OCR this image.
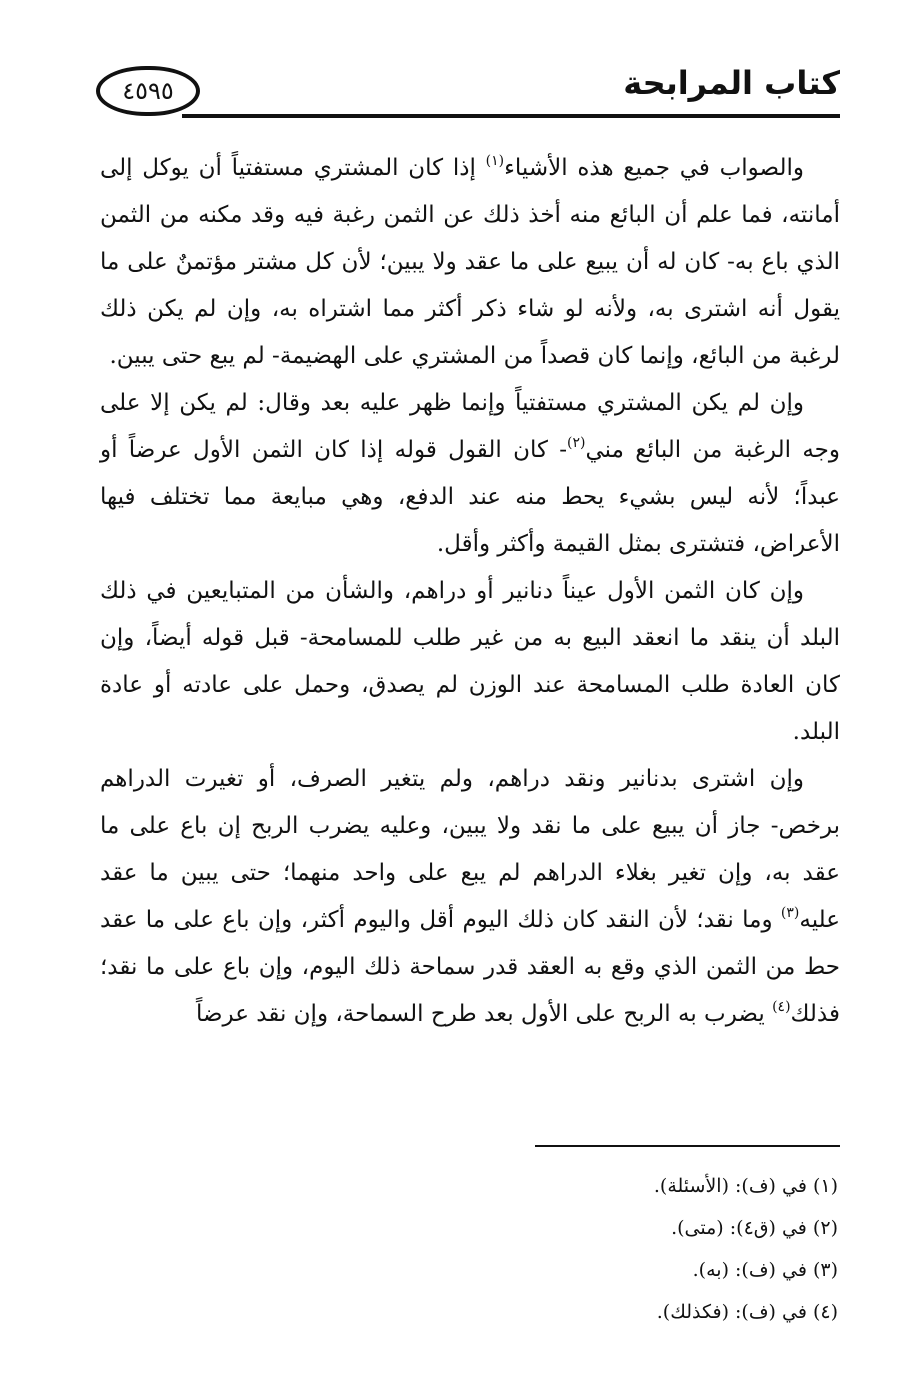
٤٥٩٥	كتاب المرابحة

والصواب في جميع هذه الأشياء$^{(١)}$ إذا كان المشتري مستفتياً أن يوكل إلى أمانته، فما علم أن البائع منه أخذ ذلك عن الثمن رغبة فيه وقد مكنه من الثمن الذي باع به- كان له أن يبيع على ما عقد ولا يبين؛ لأن كل مشتر مؤتمنٌ على ما يقول أنه اشترى به، ولأنه لو شاء ذكر أكثر مما اشتراه به، وإن لم يكن ذلك لرغبة من البائع، وإنما كان قصداً من المشتري على الهضيمة- لم يبع حتى يبين.

وإن لم يكن المشتري مستفتياً وإنما ظهر عليه بعد وقال: لم يكن إلا على وجه الرغبة من البائع مني$^{(٢)}$- كان القول قوله إذا كان الثمن الأول عرضاً أو عبداً؛ لأنه ليس بشيء يحط منه عند الدفع، وهي مبايعة مما تختلف فيها الأعراض، فتشترى بمثل القيمة وأكثر وأقل.

وإن كان الثمن الأول عيناً دنانير أو دراهم، والشأن من المتبايعين في ذلك البلد أن ينقد ما انعقد البيع به من غير طلب للمسامحة- قبل قوله أيضاً، وإن كان العادة طلب المسامحة عند الوزن لم يصدق، وحمل على عادته أو عادة البلد.

وإن اشترى بدنانير ونقد دراهم، ولم يتغير الصرف، أو تغيرت الدراهم برخص- جاز أن يبيع على ما نقد ولا يبين، وعليه يضرب الربح إن باع على ما عقد به، وإن تغير بغلاء الدراهم لم يبع على واحد منهما؛ حتى يبين ما عقد عليه$^{(٣)}$ وما نقد؛ لأن النقد كان ذلك اليوم أقل واليوم أكثر، وإن باع على ما عقد حط من الثمن الذي وقع به العقد قدر سماحة ذلك اليوم، وإن باع على ما نقد؛ فذلك$^{(٤)}$ يضرب به الربح على الأول بعد طرح السماحة، وإن نقد عرضاً

(١) في (ف): (الأسئلة).

(٢) في (ق٤): (متى).

(٣) في (ف): (به).

(٤) في (ف): (فكذلك).
